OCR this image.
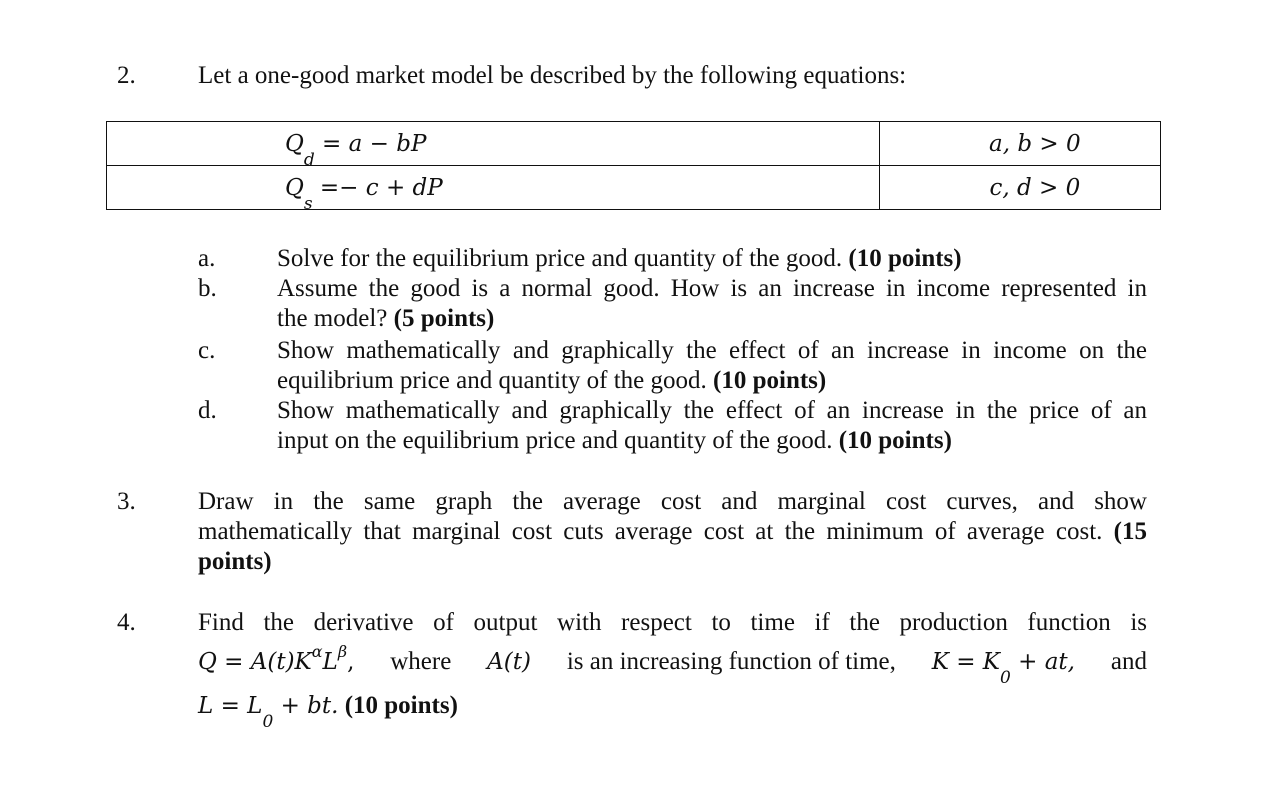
2. Let a one-good market model be described by the following equations:
$Q_d = a$ − bP	a, b > 0
$Q_s =- c$ + dP	c, d > 0
a. Solve for the equilibrium price and quantity of the good. (10 points)
b. Assume the good is a normal good. How is an increase in income represented in
the model? (5 points)
c. Show mathematically and graphically the effect of an increase in income on the
equilibrium price and quantity of the good. (10 points)
d. Show mathematically and graphically the effect of an increase in the price of an
input on the equilibrium price and quantity of the good. (10 points)
3. Draw in the same graph the average cost and marginal cost curves, and show
mathematically that marginal cost cuts average cost at the minimum of average cost. (15
points)
4. Find the derivative of output with respect to time if the production function is
$Q = A(t)K^\alpha L^\beta$, where A(t) is an increasing function of time, $K = K_0$ + at, and
$L = L_0$ + bt. (10 points)
